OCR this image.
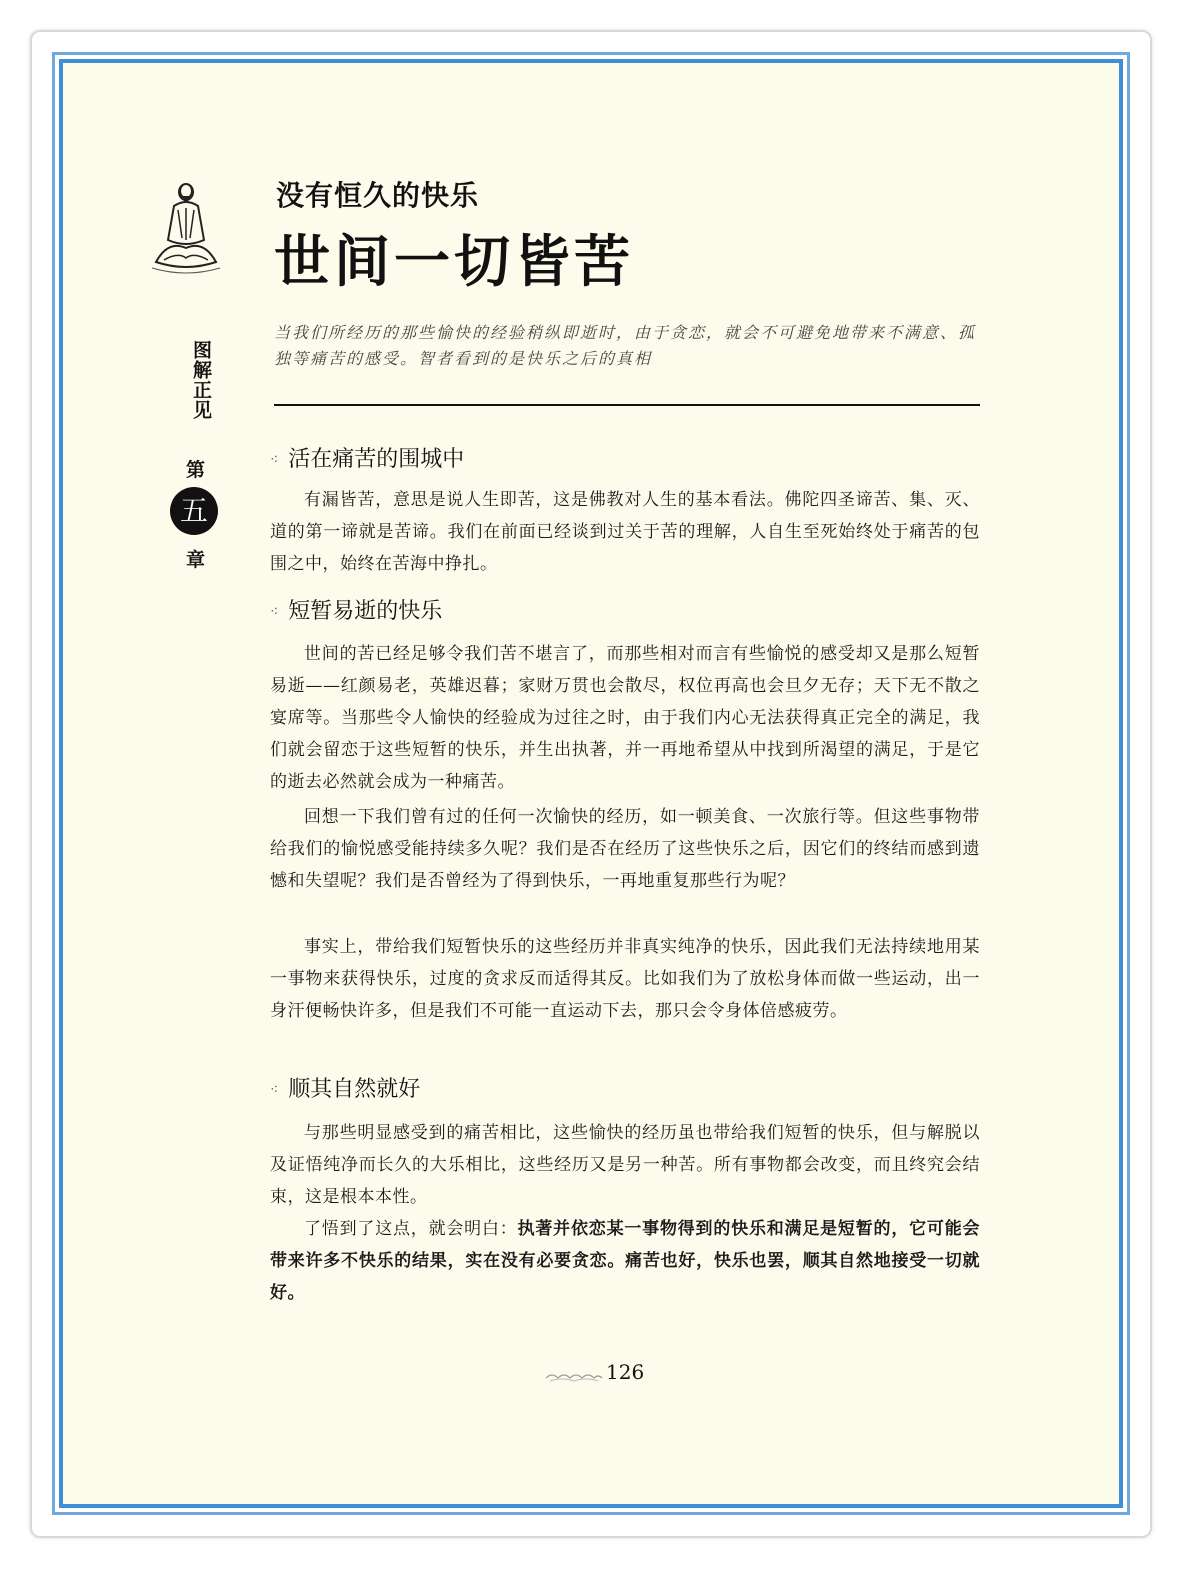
图解正见
第
五
章
没有恒久的快乐
世间一切皆苦
当我们所经历的那些愉快的经验稍纵即逝时，由于贪恋，就会不可避免地带来不满意、孤独等痛苦的感受。智者看到的是快乐之后的真相
⁖ 活在痛苦的围城中
有漏皆苦，意思是说人生即苦，这是佛教对人生的基本看法。佛陀四圣谛苦、集、灭、道的第一谛就是苦谛。我们在前面已经谈到过关于苦的理解，人自生至死始终处于痛苦的包围之中，始终在苦海中挣扎。
⁖ 短暂易逝的快乐
世间的苦已经足够令我们苦不堪言了，而那些相对而言有些愉悦的感受却又是那么短暂易逝——红颜易老，英雄迟暮；家财万贯也会散尽，权位再高也会旦夕无存；天下无不散之宴席等。当那些令人愉快的经验成为过往之时，由于我们内心无法获得真正完全的满足，我们就会留恋于这些短暂的快乐，并生出执著，并一再地希望从中找到所渴望的满足，于是它的逝去必然就会成为一种痛苦。
回想一下我们曾有过的任何一次愉快的经历，如一顿美食、一次旅行等。但这些事物带给我们的愉悦感受能持续多久呢？我们是否在经历了这些快乐之后，因它们的终结而感到遗憾和失望呢？我们是否曾经为了得到快乐，一再地重复那些行为呢？
事实上，带给我们短暂快乐的这些经历并非真实纯净的快乐，因此我们无法持续地用某一事物来获得快乐，过度的贪求反而适得其反。比如我们为了放松身体而做一些运动，出一身汗便畅快许多，但是我们不可能一直运动下去，那只会令身体倍感疲劳。
⁖ 顺其自然就好
与那些明显感受到的痛苦相比，这些愉快的经历虽也带给我们短暂的快乐，但与解脱以及证悟纯净而长久的大乐相比，这些经历又是另一种苦。所有事物都会改变，而且终究会结束，这是根本本性。
了悟到了这点，就会明白：执著并依恋某一事物得到的快乐和满足是短暂的，它可能会带来许多不快乐的结果，实在没有必要贪恋。痛苦也好，快乐也罢，顺其自然地接受一切就好。
126
